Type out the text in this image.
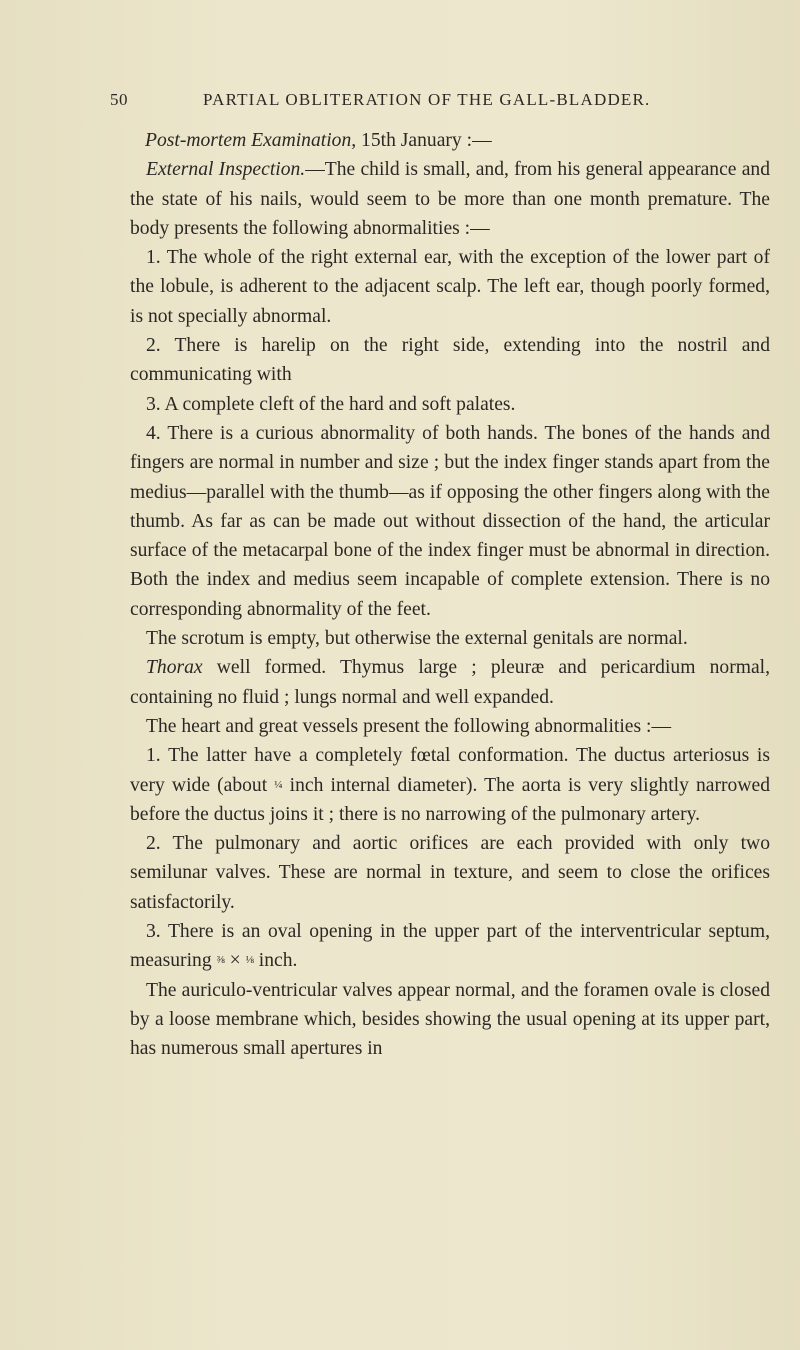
50	PARTIAL OBLITERATION OF THE GALL-BLADDER.

Post-mortem Examination, 15th January :—

External Inspection.—The child is small, and, from his general appearance and the state of his nails, would seem to be more than one month premature. The body presents the following abnormalities :—

1. The whole of the right external ear, with the exception of the lower part of the lobule, is adherent to the adjacent scalp. The left ear, though poorly formed, is not specially abnormal.

2. There is harelip on the right side, extending into the nostril and communicating with

3. A complete cleft of the hard and soft palates.

4. There is a curious abnormality of both hands. The bones of the hands and fingers are normal in number and size ; but the index finger stands apart from the medius—parallel with the thumb—as if opposing the other fingers along with the thumb. As far as can be made out without dissection of the hand, the articular surface of the metacarpal bone of the index finger must be abnormal in direction. Both the index and medius seem incapable of complete extension. There is no corresponding abnormality of the feet.

The scrotum is empty, but otherwise the external genitals are normal.

Thorax well formed. Thymus large ; pleuræ and pericardium normal, containing no fluid ; lungs normal and well expanded.

The heart and great vessels present the following abnormalities :—

1. The latter have a completely fœtal conformation. The ductus arteriosus is very wide (about ¼ inch internal diameter). The aorta is very slightly narrowed before the ductus joins it ; there is no narrowing of the pulmonary artery.

2. The pulmonary and aortic orifices are each provided with only two semilunar valves. These are normal in texture, and seem to close the orifices satisfactorily.

3. There is an oval opening in the upper part of the interventricular septum, measuring ⅜ × ⅛ inch.

The auriculo-ventricular valves appear normal, and the foramen ovale is closed by a loose membrane which, besides showing the usual opening at its upper part, has numerous small apertures in
